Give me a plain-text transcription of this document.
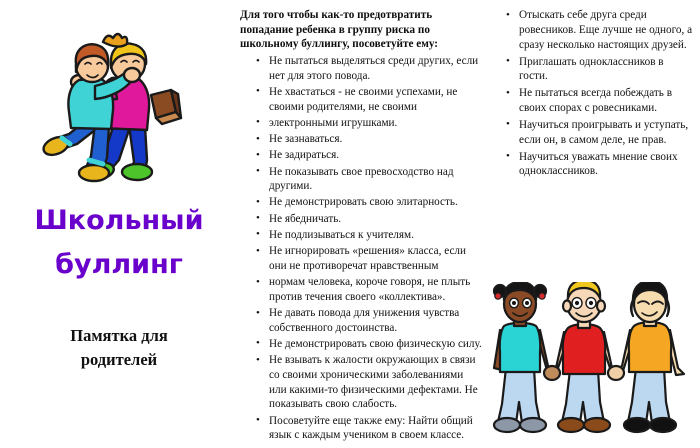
Школьный
буллинг
Памятка для
родителей

Для того чтобы как-то предотвратить попадание ребенка в группу риска по школьному буллингу, посоветуйте ему:

• Не пытаться выделяться среди других, если нет для этого повода.
• Не хвастаться - не своими успехами, не своими родителями, не своими
• электронными игрушками.
• Не зазнаваться.
• Не задираться.
• Не показывать свое превосходство над другими.
• Не демонстрировать свою элитарность.
• Не ябедничать.
• Не подлизываться к учителям.
• Не игнорировать «решения» класса, если они не противоречат нравственным
• нормам человека, короче говоря, не плыть против течения своего «коллектива».
• Не давать повода для унижения чувства собственного достоинства.
• Не демонстрировать свою физическую силу.
• Не взывать к жалости окружающих в связи со своими хроническими заболеваниями или какими-то физическими дефектами. Не показывать свою слабость.
• Посоветуйте еще также ему: Найти общий язык с каждым учеником в своем классе.
• Отыскать себе друга среди ровесников. Еще лучше не одного, а сразу несколько настоящих друзей.
• Приглашать одноклассников в гости.
• Не пытаться всегда побеждать в своих спорах с ровесниками.
• Научиться проигрывать и уступать, если он, в самом деле, не прав.
• Научиться уважать мнение своих одноклассников.
